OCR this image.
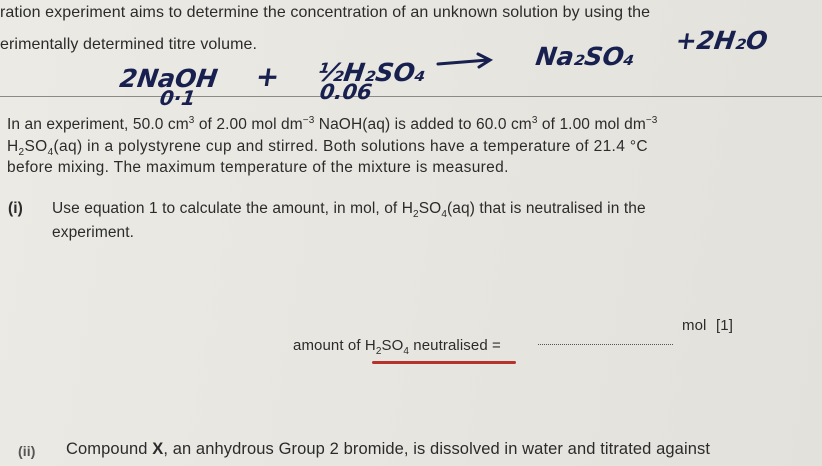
ration experiment aims to determine the concentration of an unknown solution by using the
erimentally determined titre volume.
2NaOH + ½H₂SO₄
Na₂SO₄
+2H₂O
0·1	0.06
In an experiment, 50.0 $cm^3$ of 2.00 mol $dm^{-3}$ NaOH(aq) is added to 60.0 $cm^3$ of 1.00 mol $dm^{-3}$
$H_2SO_4(aq)$ in a polystyrene cup and stirred. Both solutions have a temperature of 21.4 °C
before mixing. The maximum temperature of the mixture is measured.
(i) Use equation 1 to calculate the amount, in mol, of $H_2SO_4(aq)$ that is neutralised in the
experiment.
amount of $H_2SO_4$ neutralised =
mol [1]
(ii) Compound X, an anhydrous Group 2 bromide, is dissolved in water and titrated against
